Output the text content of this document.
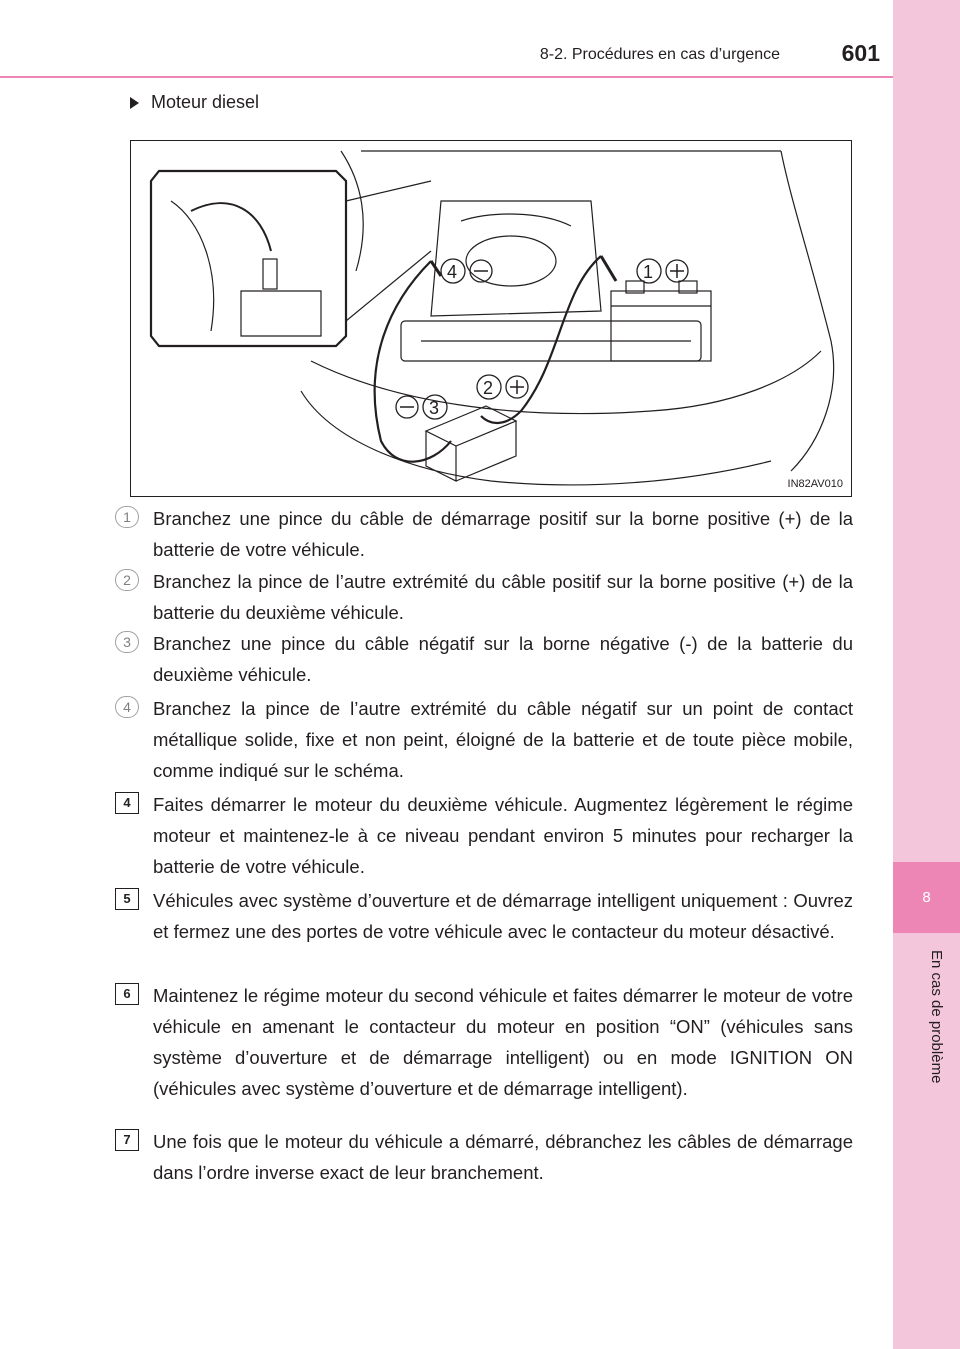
8
En cas de problème
8-2. Procédures en cas d’urgence	601
Moteur diesel
4	1
2
3
IN82AV010
1	Branchez une pince du câble de démarrage positif sur la borne positive (+) de la batterie de votre véhicule.
2	Branchez la pince de l’autre extrémité du câble positif sur la borne positive (+) de la batterie du deuxième véhicule.
3	Branchez une pince du câble négatif sur la borne négative (-) de la batterie du deuxième véhicule.
4	Branchez la pince de l’autre extrémité du câble négatif sur un point de contact métallique solide, fixe et non peint, éloigné de la batterie et de toute pièce mobile, comme indiqué sur le schéma.
4	Faites démarrer le moteur du deuxième véhicule. Augmentez légèrement le régime moteur et maintenez-le à ce niveau pendant environ 5 minutes pour recharger la batterie de votre véhicule.
5	Véhicules avec système d’ouverture et de démarrage intelligent uniquement : Ouvrez et fermez une des portes de votre véhicule avec le contacteur du moteur désactivé.
6	Maintenez le régime moteur du second véhicule et faites démarrer le moteur de votre véhicule en amenant le contacteur du moteur en position “ON” (véhicules sans système d’ouverture et de démarrage intelligent) ou en mode IGNITION ON (véhicules avec système d’ouverture et de démarrage intelligent).
7	Une fois que le moteur du véhicule a démarré, débranchez les câbles de démarrage dans l’ordre inverse exact de leur branchement.
